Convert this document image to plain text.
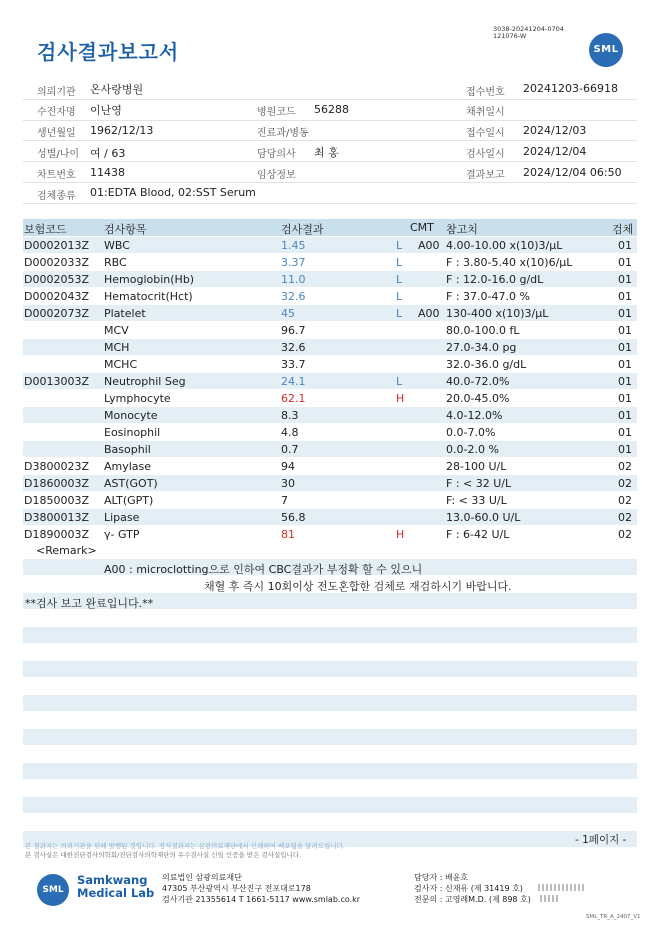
검사결과보고서
3038-20241204-0704
121076-W
SML
의뢰기관 온사랑병원	접수번호 20241203-66918
수진자명 이난영	병원코드 56288	채취일시
생년월일 1962/12/13	진료과/병동	접수일시 2024/12/03
성별/나이 여 / 63	담당의사 최 홍	검사일시 2024/12/04
차트번호 11438	임상정보	결과보고 2024/12/04 06:50
검체종류 01:EDTA Blood, 02:SST Serum
보험코드	검사항목	검사결과	CMT 참고치	검체
D0002013Z WBC	1.45	L A00 4.00-10.00 x(10)3/μL	01
D0002033Z RBC	3.37	L	F : 3.80-5.40 x(10)6/μL	01
D0002053Z Hemoglobin(Hb)	11.0	L	F : 12.0-16.0 g/dL	01
D0002043Z Hematocrit(Hct)	32.6	L	F : 37.0-47.0 %	01
D0002073Z Platelet	45	L A00 130-400 x(10)3/μL	01
MCV	96.7	80.0-100.0 fL	01
MCH	32.6	27.0-34.0 pg	01
MCHC	33.7	32.0-36.0 g/dL	01
D0013003Z Neutrophil Seg	24.1	L	40.0-72.0%	01
Lymphocyte	62.1	H	20.0-45.0%	01
Monocyte	8.3	4.0-12.0%	01
Eosinophil	4.8	0.0-7.0%	01
Basophil	0.7	0.0-2.0 %	01
D3800023Z Amylase	94	28-100 U/L	02
D1860003Z AST(GOT)	30	F : < 32 U/L	02
D1850003Z ALT(GPT)	7	F: < 33 U/L	02
D3800013Z Lipase	56.8	13.0-60.0 U/L	02
D1890003Z γ- GTP	81	H	F : 6-42 U/L	02
<Remark>
A00 : microclotting으로 인하여 CBC결과가 부정확 할 수 있으니
채혈 후 즉시 10회이상 전도혼합한 검체로 재검하시기 바랍니다.
**검사 보고 완료입니다.**
본 결과지는 의뢰기관을 위해 발행된 것입니다. 정식결과지는 삼광의료재단에서 인쇄하여 배포됨을 알려드립니다.
본 검사실은 대한진단검사의학회/진단검사의학재단의 우수검사실 신임 인증을 받은 검사실입니다.
- 1페이지 -
SML
Samkwang
Medical Lab
의료법인 삼광의료재단
47305 부산광역시 부산진구 전포대로178
검사기관 21355614 T 1661-5117 www.smlab.co.kr
담당자 : 배윤호
검사자 : 신재유 (제 31419 호)
전문의 : 고영례M.D. (제 898 호)
SML_TR_A_2407_V1
